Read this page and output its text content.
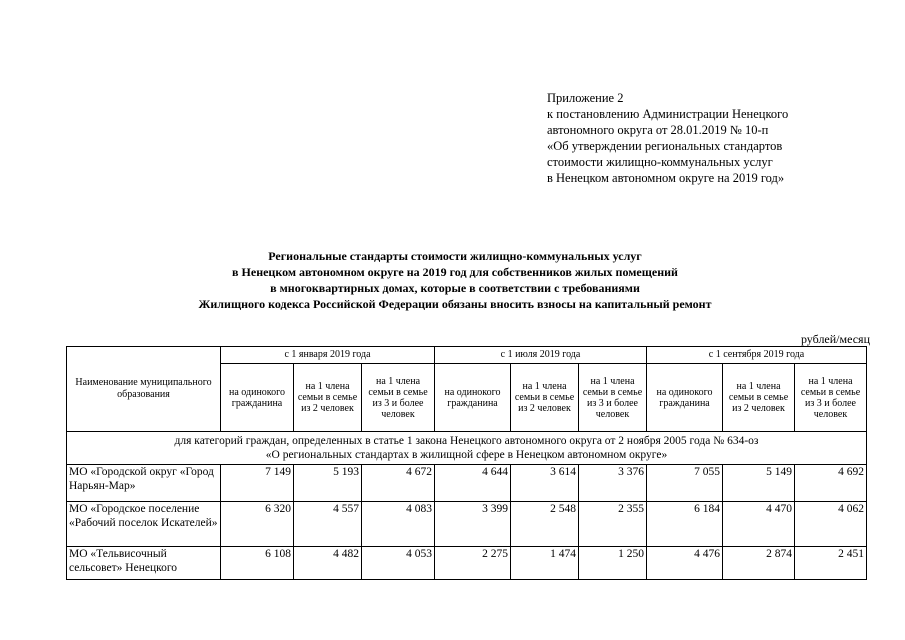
Приложение 2
к постановлению Администрации Ненецкого
автономного округа от 28.01.2019 № 10-п
«Об утверждении региональных стандартов
стоимости жилищно-коммунальных услуг
в Ненецком автономном округе на 2019 год»
Региональные стандарты стоимости жилищно-коммунальных услуг
в Ненецком автономном округе на 2019 год для собственников жилых помещений
в многоквартирных домах, которые в соответствии с требованиями
Жилищного кодекса Российской Федерации обязаны вносить взносы на капитальный ремонт
рублей/месяц
Наименование муниципального образования	с 1 января 2019 года			с 1 июля 2019 года			с 1 сентября 2019 года		
	на одинокого гражданина	на 1 члена семьи в семье из 2 человек	на 1 члена семьи в семье из 3 и более человек	на одинокого гражданина	на 1 члена семьи в семье из 2 человек	на 1 члена семьи в семье из 3 и более человек	на одинокого гражданина	на 1 члена семьи в семье из 2 человек	на 1 члена семьи в семье из 3 и более человек

для категорий граждан, определенных в статье 1 закона Ненецкого автономного округа от 2 ноября 2005 года № 634-оз
«О региональных стандартах в жилищной сфере в Ненецком автономном округе»									

МО «Городской округ «Город Нарьян-Мар»	7 149	5 193	4 672	4 644	3 614	3 376	7 055	5 149	4 692
МО «Городское поселение «Рабочий поселок Искателей»	6 320	4 557	4 083	3 399	2 548	2 355	6 184	4 470	4 062
МО «Тельвисочный сельсовет» Ненецкого	6 108	4 482	4 053	2 275	1 474	1 250	4 476	2 874	2 451
